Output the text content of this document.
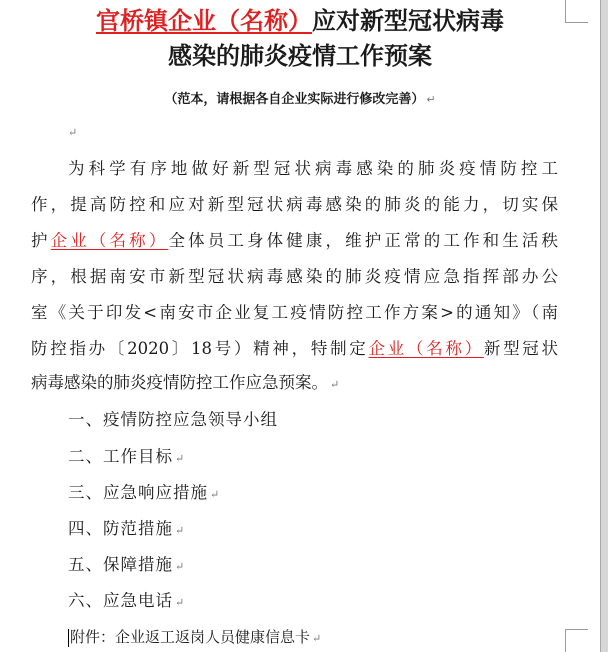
官桥镇企业（名称）应对新型冠状病毒
感染的肺炎疫情工作预案
（范本，请根据各自企业实际进行修改完善） ↵
↵
为科学有序地做好新型冠状病毒感染的肺炎疫情防控工
作，提高防控和应对新型冠状病毒感染的肺炎的能力，切实保
护企业（名称）全体员工身体健康，维护正常的工作和生活秩
序，根据南安市新型冠状病毒感染的肺炎疫情应急指挥部办公
室《关于印发<南安市企业复工疫情防控工作方案>的通知》（南
防控指办〔2020〕18号）精神，特制定企业（名称）新型冠状
病毒感染的肺炎疫情防控工作应急预案。 ↵
一、疫情防控应急领导小组
二、工作目标 ↵
三、应急响应措施 ↵
四、防范措施 ↵
五、保障措施 ↵
六、应急电话 ↵
附件：企业返工返岗人员健康信息卡 ↵
